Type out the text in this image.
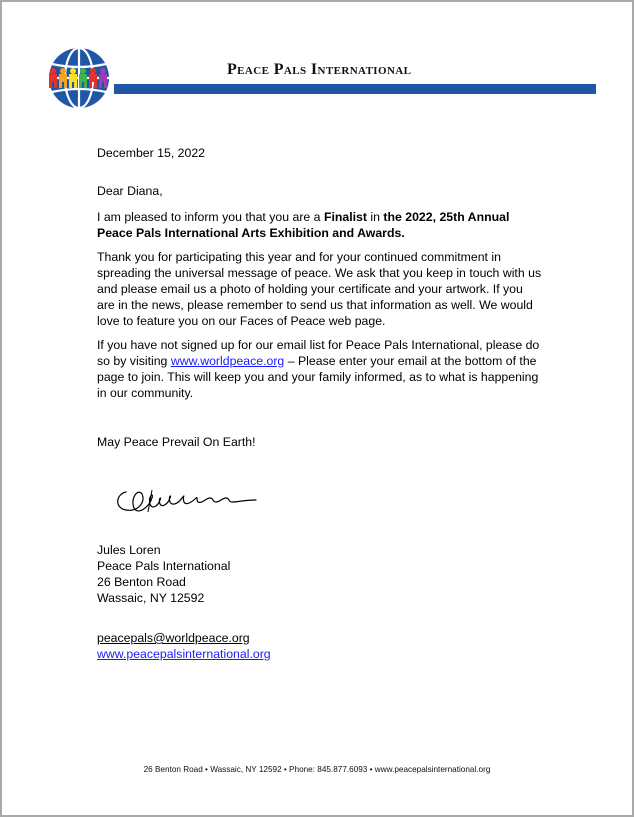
Peace Pals International
December 15, 2022
Dear Diana,
I am pleased to inform you that you are a Finalist in the 2022, 25th Annual Peace Pals International Arts Exhibition and Awards.
Thank you for participating this year and for your continued commitment in spreading the universal message of peace. We ask that you keep in touch with us and please email us a photo of holding your certificate and your artwork. If you are in the news, please remember to send us that information as well. We would love to feature you on our Faces of Peace web page.
If you have not signed up for our email list for Peace Pals International, please do so by visiting www.worldpeace.org – Please enter your email at the bottom of the page to join. This will keep you and your family informed, as to what is happening in our community.
May Peace Prevail On Earth!
Jules Loren
Peace Pals International
26 Benton Road
Wassaic, NY 12592
peacepals@worldpeace.org
www.peacepalsinternational.org
26 Benton Road • Wassaic, NY 12592 • Phone: 845.877.6093 • www.peacepalsinternational.org
